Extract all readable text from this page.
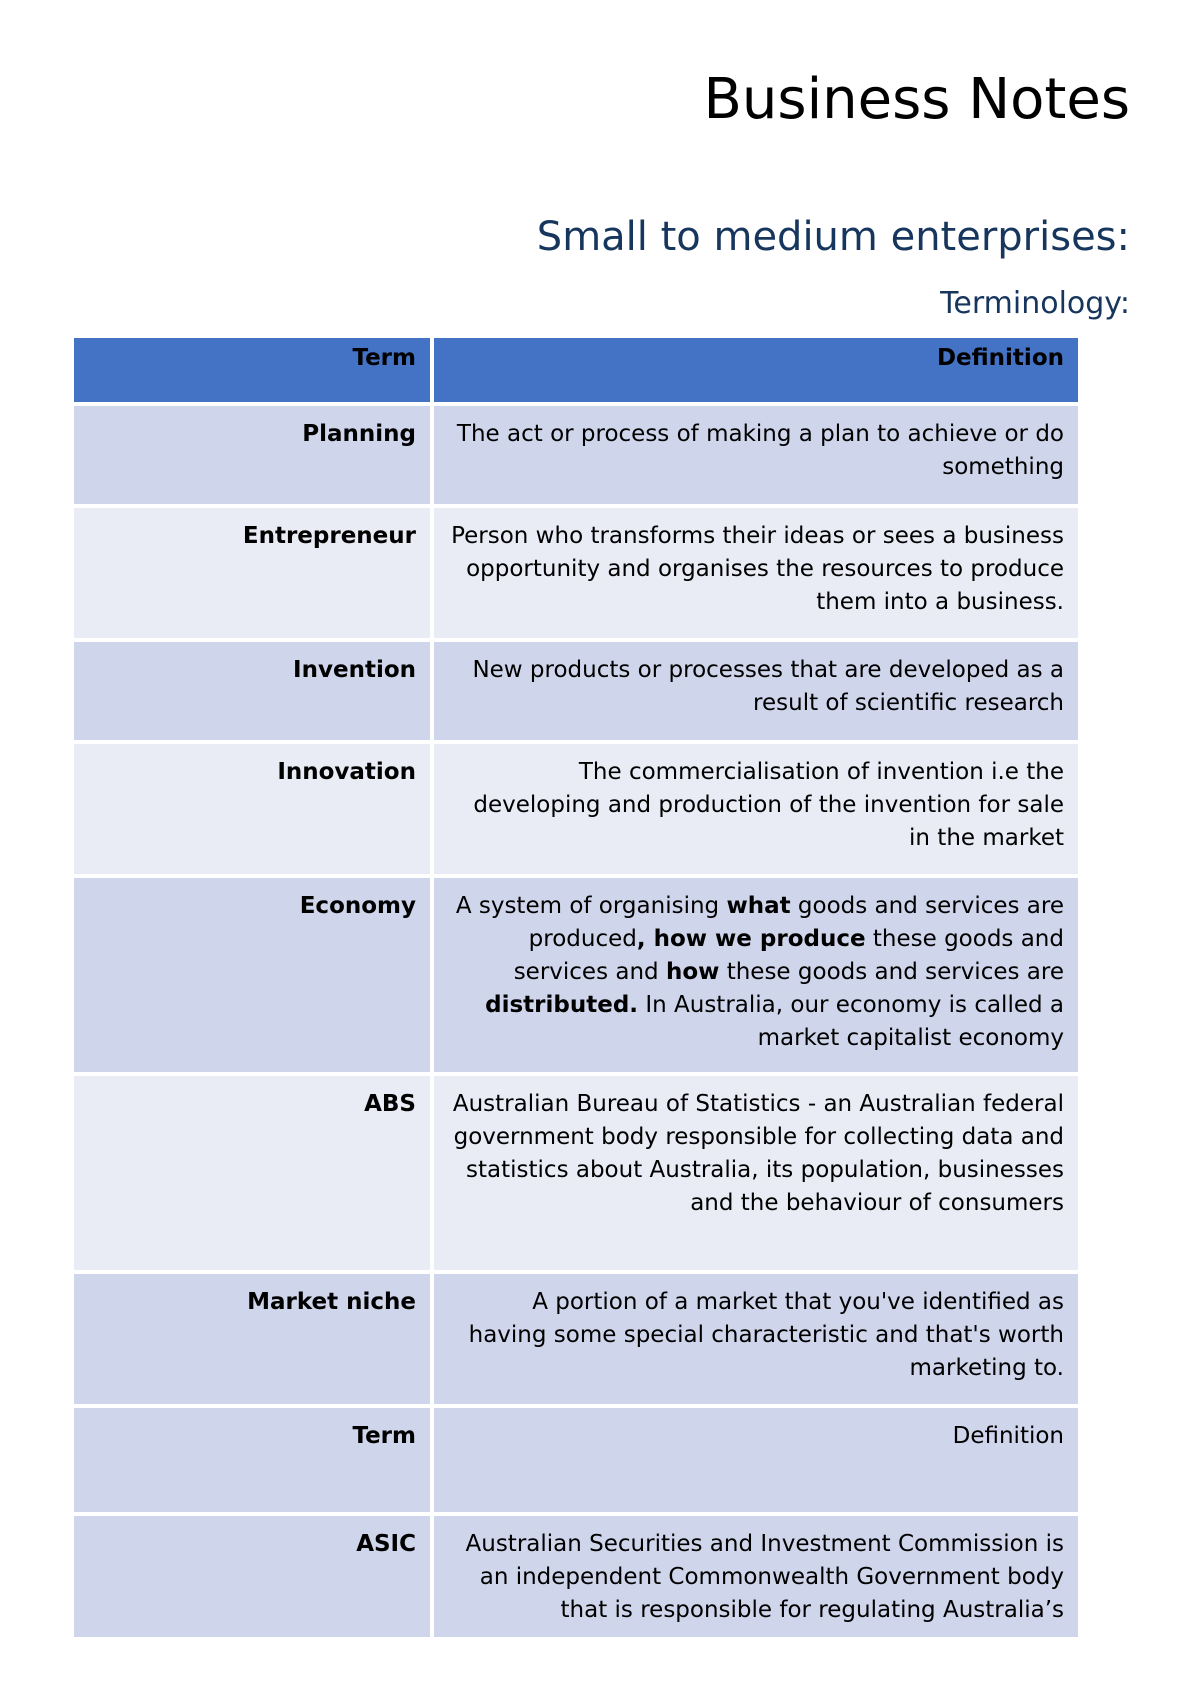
Business Notes
Small to medium enterprises:
Terminology:
Term	Definition
Planning	The act or process of making a plan to achieve or do something
Entrepreneur	Person who transforms their ideas or sees a business opportunity and organises the resources to produce them into a business.
Invention	New products or processes that are developed as a result of scientific research
Innovation	The commercialisation of invention i.e the developing and production of the invention for sale in the market
Economy	A system of organising what goods and services are produced, how we produce these goods and services and how these goods and services are distributed. In Australia, our economy is called a market capitalist economy
ABS	Australian Bureau of Statistics - an Australian federal government body responsible for collecting data and statistics about Australia, its population, businesses and the behaviour of consumers
Market niche	A portion of a market that you've identified as having some special characteristic and that's worth marketing to.
Term	Definition
ASIC	Australian Securities and Investment Commission is an independent Commonwealth Government body that is responsible for regulating Australia’s
